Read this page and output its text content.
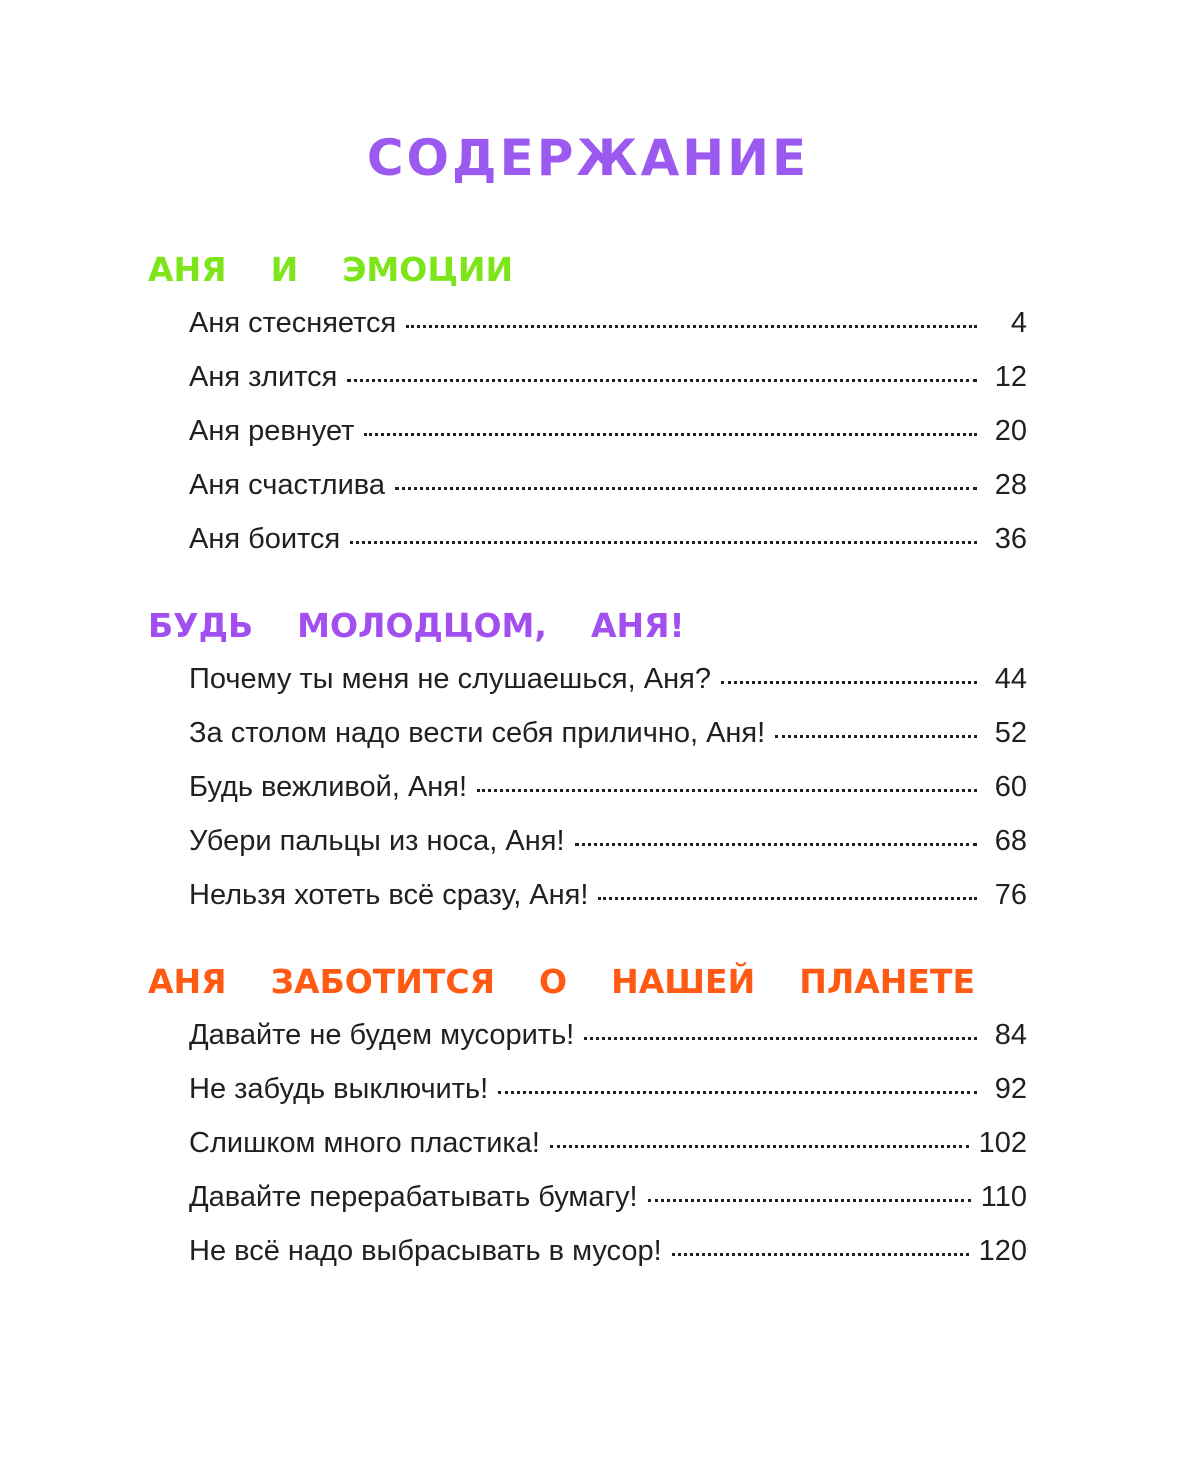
СОДЕРЖАНИЕ
АНЯ И ЭМОЦИИ
Аня стесняется	4
Аня злится	12
Аня ревнует	20
Аня счастлива	28
Аня боится	36
БУДЬ МОЛОДЦОМ, АНЯ!
Почему ты меня не слушаешься, Аня?	44
За столом надо вести себя прилично, Аня!	52
Будь вежливой, Аня!	60
Убери пальцы из носа, Аня!	68
Нельзя хотеть всё сразу, Аня!	76
АНЯ ЗАБОТИТСЯ О НАШЕЙ ПЛАНЕТЕ
Давайте не будем мусорить!	84
Не забудь выключить!	92
Слишком много пластика!	102
Давайте перерабатывать бумагу!	110
Не всё надо выбрасывать в мусор!	120
